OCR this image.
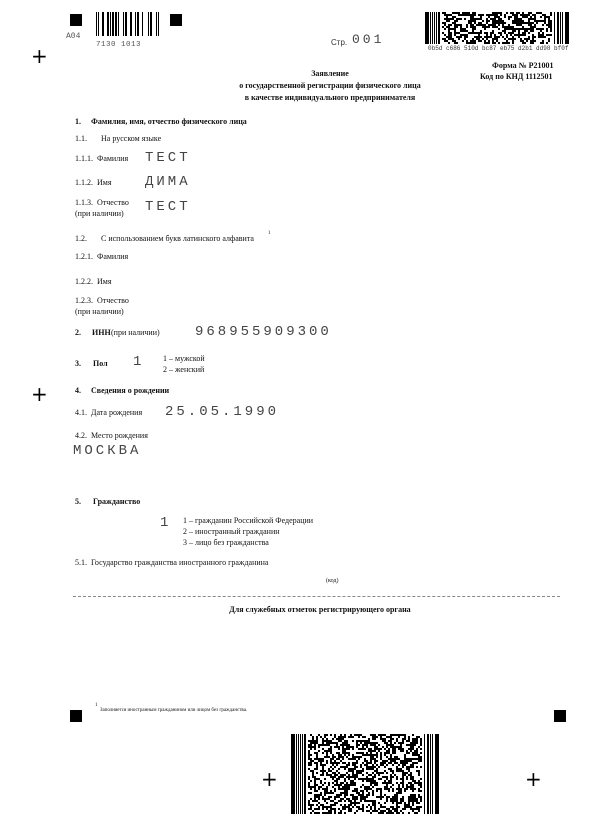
+
+
+	+
A04
7130 1013	Стр. 001
0b5d c686 510d bc87 eb75 d2b1 dd98 bf0f
Форма № Р21001
Код по КНД 1112501
Заявление
о государственной регистрации физического лица
в качестве индивидуального предпринимателя
1.     Фамилия, имя, отчество физического лица
1.1.       На русском языке
1.1.1.  Фамилия ТЕСТ
1.1.2.  Имя ДИМА
1.1.3.  Отчество
(при наличии) ТЕСТ
1.2.       С использованием букв латинского алфавита
1
1.2.1.  Фамилия
1.2.2.  Имя
1.2.3.  Отчество
(при наличии)
2. ИНН (при наличии)	968955909300
3.      Пол 1 1 – мужской
2 – женский
4.     Сведения о рождении
4.1.  Дата рождения 25.05.1990
4.2.  Место рождения
МОСКВА
5.      Гражданство
1 1 – гражданин Российской Федерации
2 – иностранный гражданин
3 – лицо без гражданства
5.1.  Государство гражданства иностранного гражданина
(код)
Для служебных отметок регистрирующего органа
1
Заполняется иностранным гражданином или лицом без гражданства.
